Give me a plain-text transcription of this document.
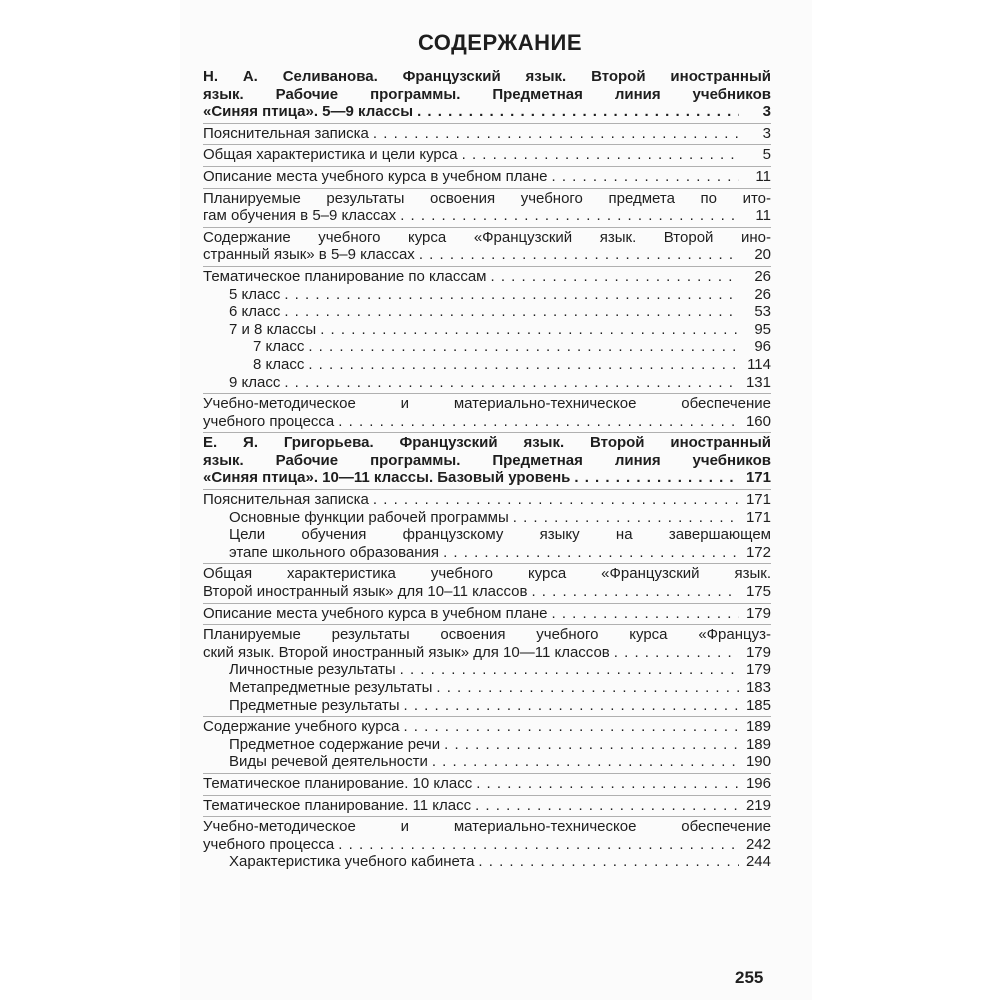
СОДЕРЖАНИЕ
Н. А. Селиванова. Французский язык. Второй иностранный
язык. Рабочие программы. Предметная линия учебников
«Синяя птица». 5—9 классы . . .	3
Пояснительная записка . . .	3
Общая характеристика и цели курса . . .	5
Описание места учебного курса в учебном плане . . .	11
Планируемые результаты освоения учебного предмета по ито-
гам обучения в 5–9 классах . . .	11
Содержание учебного курса «Французский язык. Второй ино-
странный язык» в 5–9 классах . . .	20
Тематическое планирование по классам . . .	26
5 класс . . .	26
6 класс . . .	53
7 и 8 классы . . .	95
7 класс . . .	96
8 класс . . .	114
9 класс . . .	131
Учебно-методическое и материально-техническое обеспечение
учебного процесса . . .	160
Е. Я. Григорьева. Французский язык. Второй иностранный
язык. Рабочие программы. Предметная линия учебников
«Синяя птица». 10—11 классы. Базовый уровень . . .	171
Пояснительная записка . . .	171
Основные функции рабочей программы . . .	171
Цели обучения французскому языку на завершающем
этапе школьного образования . . .	172
Общая характеристика учебного курса «Французский язык.
Второй иностранный язык» для 10–11 классов . . .	175
Описание места учебного курса в учебном плане . . .	179
Планируемые результаты освоения учебного курса «Француз-
ский язык. Второй иностранный язык» для 10—11 классов . . .	179
Личностные результаты . . .	179
Метапредметные результаты . . .	183
Предметные результаты . . .	185
Содержание учебного курса . . .	189
Предметное содержание речи . . .	189
Виды речевой деятельности . . .	190
Тематическое планирование. 10 класс . . .	196
Тематическое планирование. 11 класс . . .	219
Учебно-методическое и материально-техническое обеспечение
учебного процесса . . .	242
Характеристика учебного кабинета . . .	244
255
